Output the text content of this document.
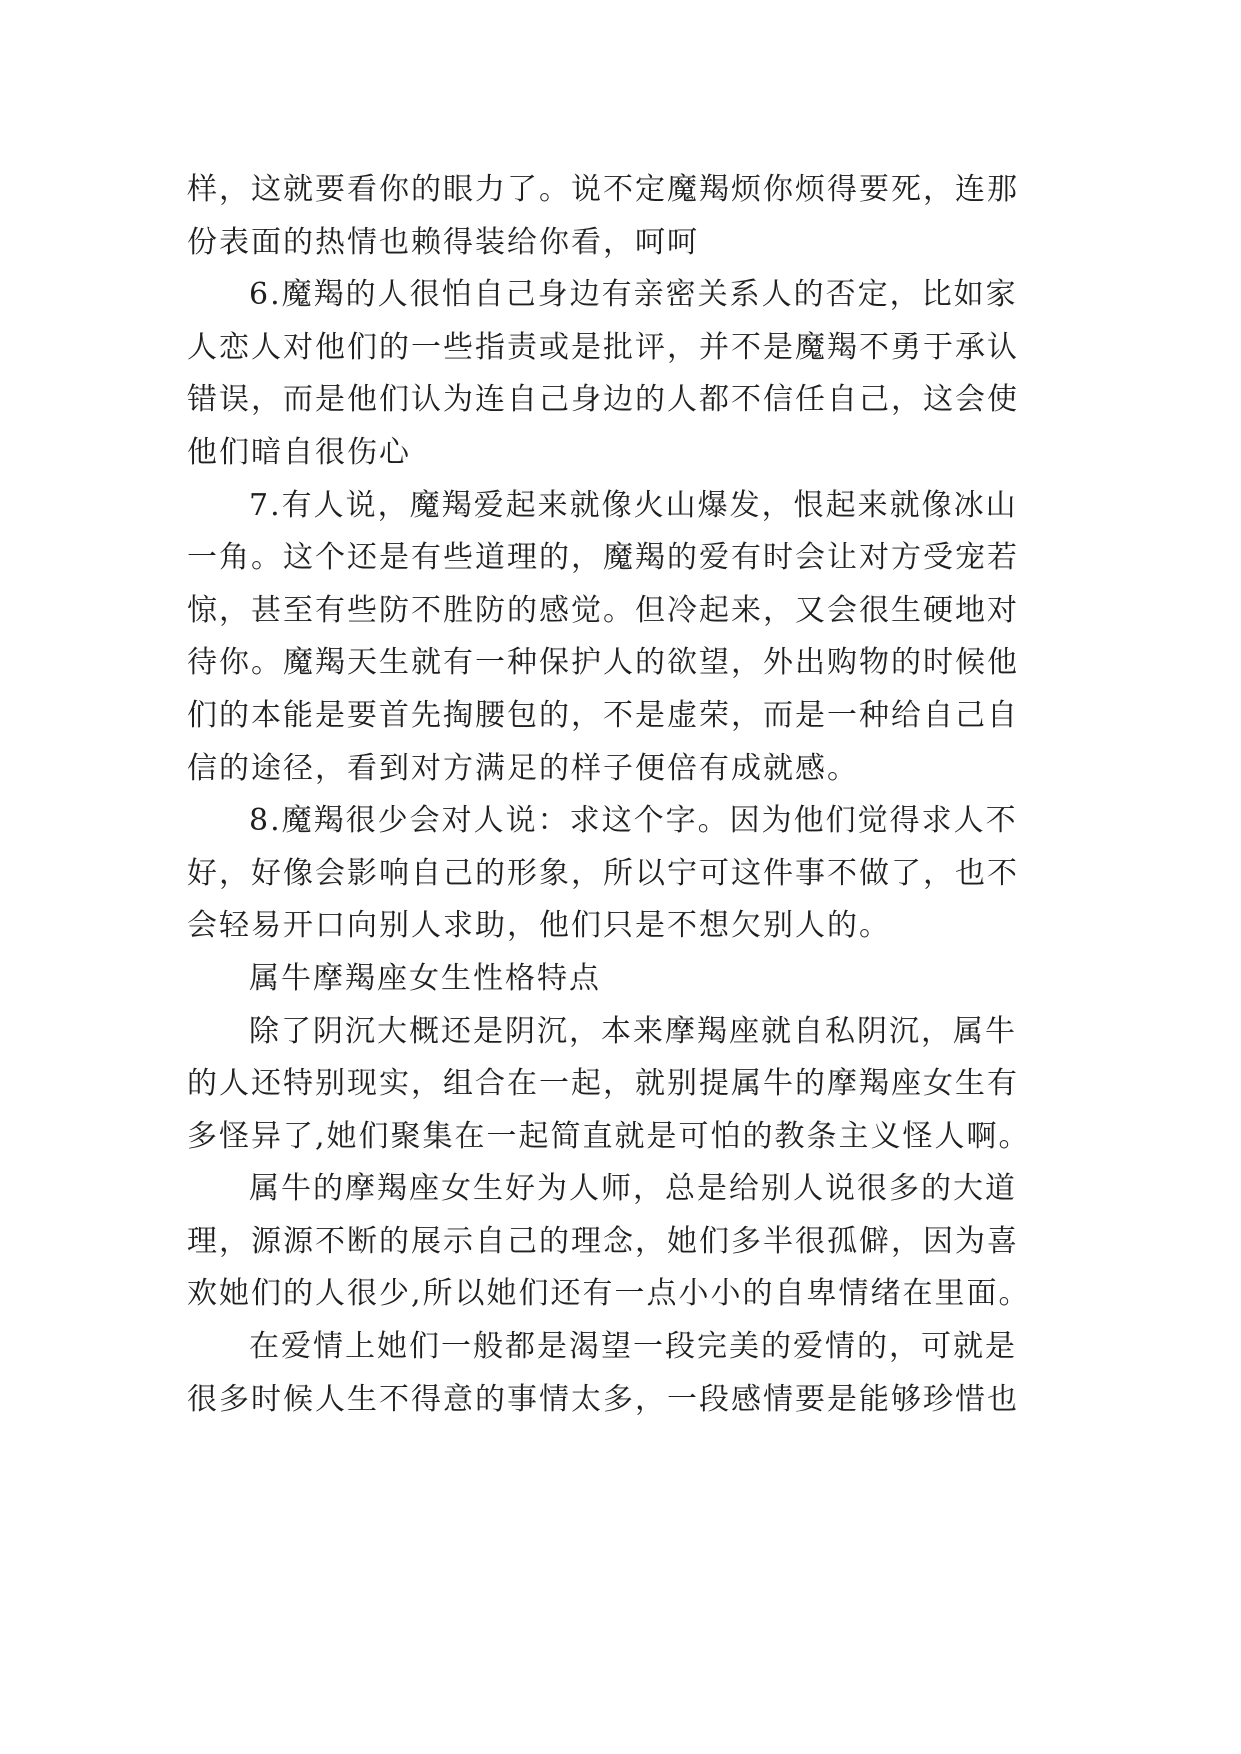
样，这就要看你的眼力了。说不定魔羯烦你烦得要死，连那
份表面的热情也赖得装给你看，呵呵
6.魔羯的人很怕自己身边有亲密关系人的否定，比如家
人恋人对他们的一些指责或是批评，并不是魔羯不勇于承认
错误，而是他们认为连自己身边的人都不信任自己，这会使
他们暗自很伤心
7.有人说，魔羯爱起来就像火山爆发，恨起来就像冰山
一角。这个还是有些道理的，魔羯的爱有时会让对方受宠若
惊，甚至有些防不胜防的感觉。但冷起来，又会很生硬地对
待你。魔羯天生就有一种保护人的欲望，外出购物的时候他
们的本能是要首先掏腰包的，不是虚荣，而是一种给自己自
信的途径，看到对方满足的样子便倍有成就感。
8.魔羯很少会对人说：求这个字。因为他们觉得求人不
好，好像会影响自己的形象，所以宁可这件事不做了，也不
会轻易开口向别人求助，他们只是不想欠别人的。
属牛摩羯座女生性格特点
除了阴沉大概还是阴沉，本来摩羯座就自私阴沉，属牛
的人还特别现实，组合在一起，就别提属牛的摩羯座女生有
多怪异了,她们聚集在一起简直就是可怕的教条主义怪人啊。
属牛的摩羯座女生好为人师，总是给别人说很多的大道
理，源源不断的展示自己的理念，她们多半很孤僻，因为喜
欢她们的人很少,所以她们还有一点小小的自卑情绪在里面。
在爱情上她们一般都是渴望一段完美的爱情的，可就是
很多时候人生不得意的事情太多，一段感情要是能够珍惜也
